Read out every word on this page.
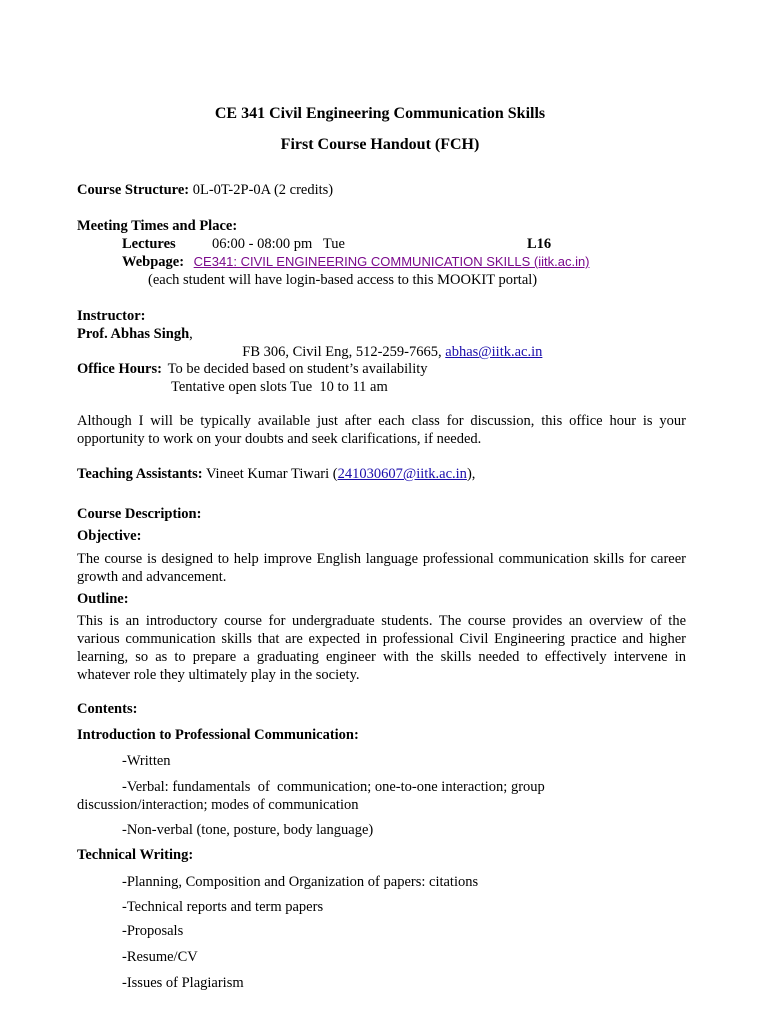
CE 341 Civil Engineering Communication Skills
First Course Handout (FCH)
Course Structure: 0L-0T-2P-0A (2 credits)
Meeting Times and Place:
Lectures	06:00 - 08:00 pm   Tue	L16
Webpage: CE341: CIVIL ENGINEERING COMMUNICATION SKILLS (iitk.ac.in)
(each student will have login-based access to this MOOKIT portal)
Instructor:
Prof. Abhas Singh,

FB 306, Civil Eng, 512-259-7665, abhas@iitk.ac.in

Office Hours: To be decided based on student’s availability
Tentative open slots Tue  10 to 11 am

Although I will be typically available just after each class for discussion, this office hour is your opportunity to work on your doubts and seek clarifications, if needed.

Teaching Assistants: Vineet Kumar Tiwari (241030607@iitk.ac.in),
Course Description:
Objective:

The course is designed to help improve English language professional communication skills for career growth and advancement.

Outline:

This is an introductory course for undergraduate students. The course provides an overview of the various communication skills that are expected in professional Civil Engineering practice and higher learning, so as to prepare a graduating engineer with the skills needed to effectively intervene in whatever role they ultimately play in the society.

Contents:
Introduction to Professional Communication:
-Written
-Verbal: fundamentals  of  communication; one-to-one interaction; group
discussion/interaction; modes of communication
-Non-verbal (tone, posture, body language)
Technical Writing:
-Planning, Composition and Organization of papers: citations
-Technical reports and term papers
-Proposals
-Resume/CV
-Issues of Plagiarism
